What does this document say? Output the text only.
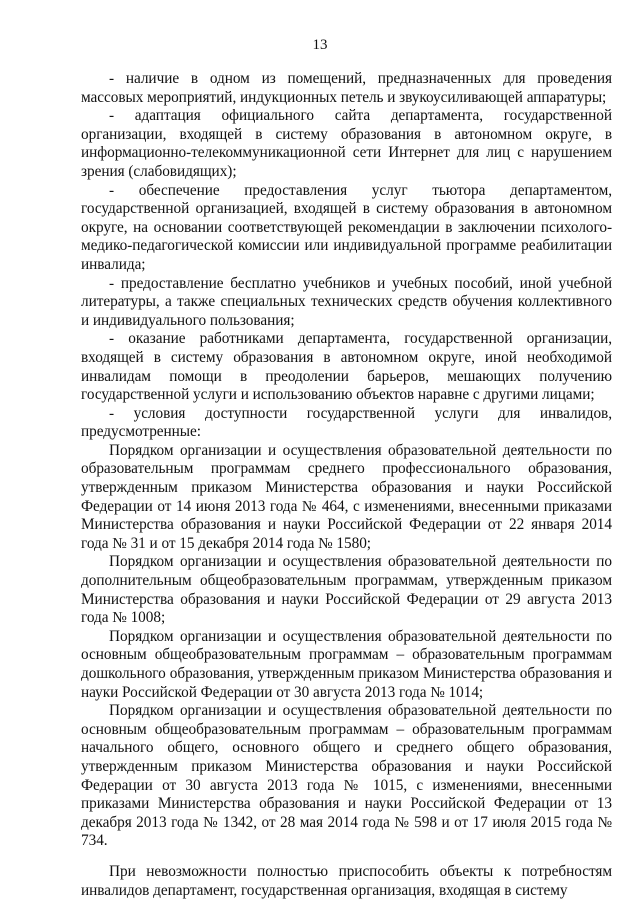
13

- наличие в одном из помещений, предназначенных для проведения массовых мероприятий, индукционных петель и звукоусиливающей аппаратуры;

- адаптация официального сайта департамента, государственной организации, входящей в систему образования в автономном округе, в информационно-телекоммуникационной сети Интернет для лиц с нарушением зрения (слабовидящих);

- обеспечение предоставления услуг тьютора департаментом, государственной организацией, входящей в систему образования в автономном округе, на основании соответствующей рекомендации в заключении психолого-медико-педагогической комиссии или индивидуальной программе реабилитации инвалида;

- предоставление бесплатно учебников и учебных пособий, иной учебной литературы, а также специальных технических средств обучения коллективного и индивидуального пользования;

- оказание работниками департамента, государственной организации, входящей в систему образования в автономном округе, иной необходимой инвалидам помощи в преодолении барьеров, мешающих получению государственной услуги и использованию объектов наравне с другими лицами;

- условия доступности государственной услуги для инвалидов, предусмотренные:

Порядком организации и осуществления образовательной деятельности по образовательным программам среднего профессионального образования, утвержденным приказом Министерства образования и науки Российской Федерации от 14 июня 2013 года № 464, с изменениями, внесенными приказами Министерства образования и науки Российской Федерации от 22 января 2014 года № 31 и от 15 декабря 2014 года № 1580;

Порядком организации и осуществления образовательной деятельности по дополнительным общеобразовательным программам, утвержденным приказом Министерства образования и науки Российской Федерации от 29 августа 2013 года № 1008;

Порядком организации и осуществления образовательной деятельности по основным общеобразовательным программам – образовательным программам дошкольного образования, утвержденным приказом Министерства образования и науки Российской Федерации от 30 августа 2013 года № 1014;

Порядком организации и осуществления образовательной деятельности по основным общеобразовательным программам – образовательным программам начального общего, основного общего и среднего общего образования, утвержденным приказом Министерства образования и науки Российской Федерации от 30 августа 2013 года № 1015, с изменениями, внесенными приказами Министерства образования и науки Российской Федерации от 13 декабря 2013 года № 1342, от 28 мая 2014 года № 598 и от 17 июля 2015 года № 734.

При невозможности полностью приспособить объекты к потребностям инвалидов департамент, государственная организация, входящая в систему
